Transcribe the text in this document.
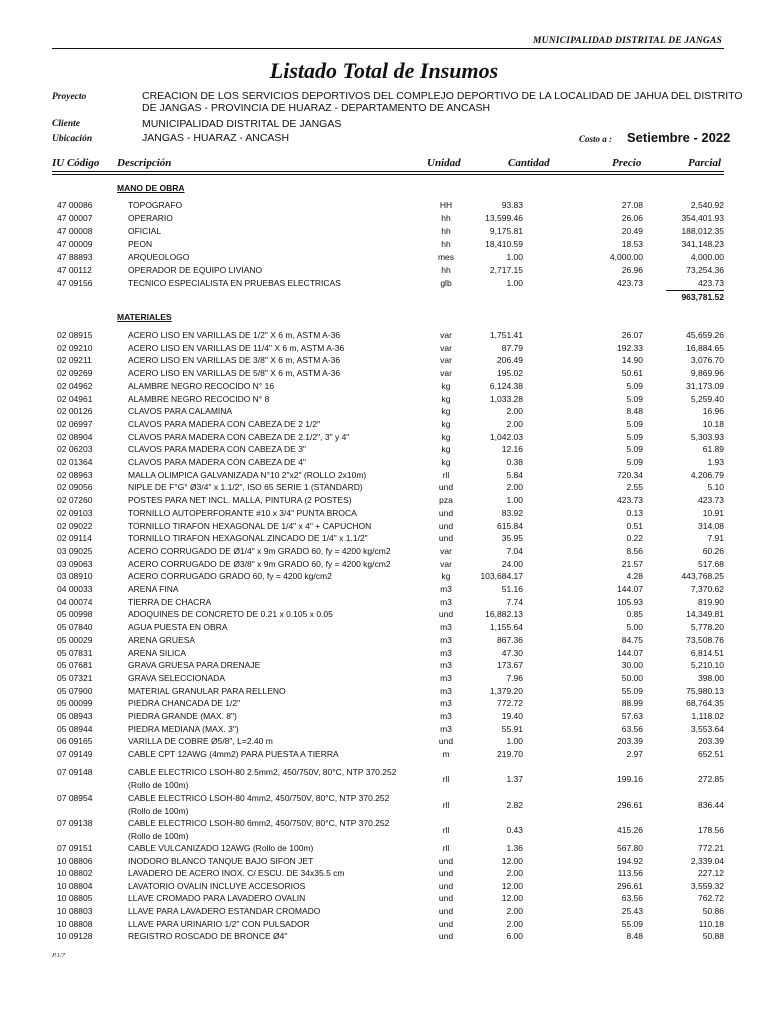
MUNICIPALIDAD DISTRITAL DE JANGAS
Listado Total de Insumos
Proyecto	CREACION DE LOS SERVICIOS DEPORTIVOS DEL COMPLEJO DEPORTIVO DE LA LOCALIDAD DE JAHUA DEL DISTRITO
DE JANGAS - PROVINCIA DE HUARAZ - DEPARTAMENTO DE ANCASH
Cliente	MUNICIPALIDAD DISTRITAL DE JANGAS
Ubicación	JANGAS - HUARAZ - ANCASH	Costo a : Setiembre - 2022
IU Código Descripción	Unidad	Cantidad	Precio	Parcial
MANO DE OBRA
47 00086	TOPOGRAFO	HH	93.83	27.08	2,540.92
47 00007	OPERARIO	hh	13,599.46	26.06	354,401.93
47 00008	OFICIAL	hh	9,175.81	20.49	188,012.35
47 00009	PEON	hh	18,410.59	18.53	341,148.23
47 88893	ARQUEOLOGO	mes	1.00	4,000.00	4,000.00
47 00112	OPERADOR DE EQUIPO LIVIANO	hh	2,717.15	26.96	73,254.36
47 09156	TECNICO ESPECIALISTA EN PRUEBAS ELECTRICAS	glb	1.00	423.73	423.73
963,781.52
MATERIALES
02 08915	ACERO LISO EN VARILLAS DE 1/2" X 6 m, ASTM A-36	var	1,751.41	26.07	45,659.26
02 09210	ACERO LISO EN VARILLAS DE 11/4" X 6 m, ASTM A-36	var	87.79	192.33	16,884.65
02 09211	ACERO LISO EN VARILLAS DE 3/8" X 6 m, ASTM A-36	var	206.49	14.90	3,076.70
02 09269	ACERO LISO EN VARILLAS DE 5/8" X 6 m, ASTM A-36	var	195.02	50.61	9,869.96
02 04962	ALAMBRE NEGRO RECOCIDO N° 16	kg	6,124.38	5.09	31,173.09
02 04961	ALAMBRE NEGRO RECOCIDO N° 8	kg	1,033.28	5.09	5,259.40
02 00126	CLAVOS PARA CALAMINA	kg	2.00	8.48	16.96
02 06997	CLAVOS PARA MADERA CON CABEZA DE 2 1/2"	kg	2.00	5.09	10.18
02 08904	CLAVOS PARA MADERA CON CABEZA DE 2.1/2", 3" y 4"	kg	1,042.03	5.09	5,303.93
02 06203	CLAVOS PARA MADERA CON CABEZA DE 3"	kg	12.16	5.09	61.89
02 01364	CLAVOS PARA MADERA CON CABEZA DE 4"	kg	0.38	5.09	1.93
02 08963	MALLA OLIMPICA GALVANIZADA N°10 2"x2" (ROLLO 2x10m)	rll	5.84	720.34	4,206.79
02 09056	NIPLE DE F°G° Ø3/4" x 1.1/2", ISO 65 SERIE 1 (STANDARD)	und	2.00	2.55	5.10
02 07260	POSTES PARA NET INCL. MALLA, PINTURA (2 POSTES)	pza	1.00	423.73	423.73
02 09103	TORNILLO AUTOPERFORANTE #10 x 3/4" PUNTA BROCA	und	83.92	0.13	10.91
02 09022	TORNILLO TIRAFON HEXAGONAL DE 1/4" x 4" + CAPUCHON	und	615.84	0.51	314.08
02 09114	TORNILLO TIRAFON HEXAGONAL ZINCADO DE 1/4" x 1.1/2"	und	35.95	0.22	7.91
03 09025	ACERO CORRUGADO DE Ø1/4" x 9m GRADO 60, fy = 4200 kg/cm2	var	7.04	8.56	60.26
03 09063	ACERO CORRUGADO DE Ø3/8" x 9m GRADO 60, fy = 4200 kg/cm2	var	24.00	21.57	517.68
03 08910	ACERO CORRUGADO GRADO 60, fy = 4200 kg/cm2	kg	103,684.17	4.28	443,768.25
04 00033	ARENA FINA	m3	51.16	144.07	7,370.62
04 00074	TIERRA DE CHACRA	m3	7.74	105.93	819.90
05 00998	ADOQUINES DE CONCRETO DE 0.21 x 0.105 x 0.05	und	16,882.13	0.85	14,349.81
05 07840	AGUA PUESTA EN OBRA	m3	1,155.64	5.00	5,778.20
05 00029	ARENA GRUESA	m3	867.36	84.75	73,508.76
05 07831	ARENA SILICA	m3	47.30	144.07	6,814.51
05 07681	GRAVA GRUESA PARA DRENAJE	m3	173.67	30.00	5,210.10
05 07321	GRAVA SELECCIONADA	m3	7.96	50.00	398.00
05 07900	MATERIAL GRANULAR PARA RELLENO	m3	1,379.20	55.09	75,980.13
05 00099	PIEDRA CHANCADA DE 1/2"	m3	772.72	88.99	68,764.35
05 08943	PIEDRA GRANDE (MAX. 8")	m3	19.40	57.63	1,118.02
05 08944	PIEDRA MEDIANA (MAX. 3")	m3	55.91	63.56	3,553.64
06 09165	VARILLA DE COBRE Ø5/8", L=2.40 m	und	1.00	203.39	203.39
07 09149	CABLE CPT 12AWG (4mm2) PARA PUESTA A TIERRA	m	219.70	2.97	652.51
07 09148	CABLE ELECTRICO LSOH-80 2.5mm2, 450/750V, 80°C, NTP 370.252
(Rollo de 100m)
rll	1.37	199.16	272.85
07 08954	CABLE ELECTRICO LSOH-80 4mm2, 450/750V, 80°C, NTP 370.252
(Rollo de 100m)
rll	2.82	296.61	836.44
07 09138	CABLE ELECTRICO LSOH-80 6mm2, 450/750V, 80°C, NTP 370.252
(Rollo de 100m)
rll	0.43	415.26	178.56
07 09151	CABLE VULCANIZADO 12AWG (Rollo de 100m)	rll	1.36	567.80	772.21
10 08806	INODORO BLANCO TANQUE BAJO SIFON JET	und	12.00	194.92	2,339.04
10 08802	LAVADERO DE ACERO INOX. C/ ESCU. DE 34x35.5 cm	und	2.00	113.56	227.12
10 08804	LAVATORIO OVALIN INCLUYE ACCESORIOS	und	12.00	296.61	3,559.32
10 08805	LLAVE CROMADO PARA LAVADERO OVALIN	und	12.00	63.56	762.72
10 08803	LLAVE PARA LAVADERO ESTANDAR CROMADO	und	2.00	25.43	50.86
10 08808	LLAVE PARA URINARIO 1/2" CON PULSADOR	und	2.00	55.09	110.18
10 09128	REGISTRO ROSCADO DE BRONCE Ø4"	und	6.00	8.48	50.88
P.1/7
